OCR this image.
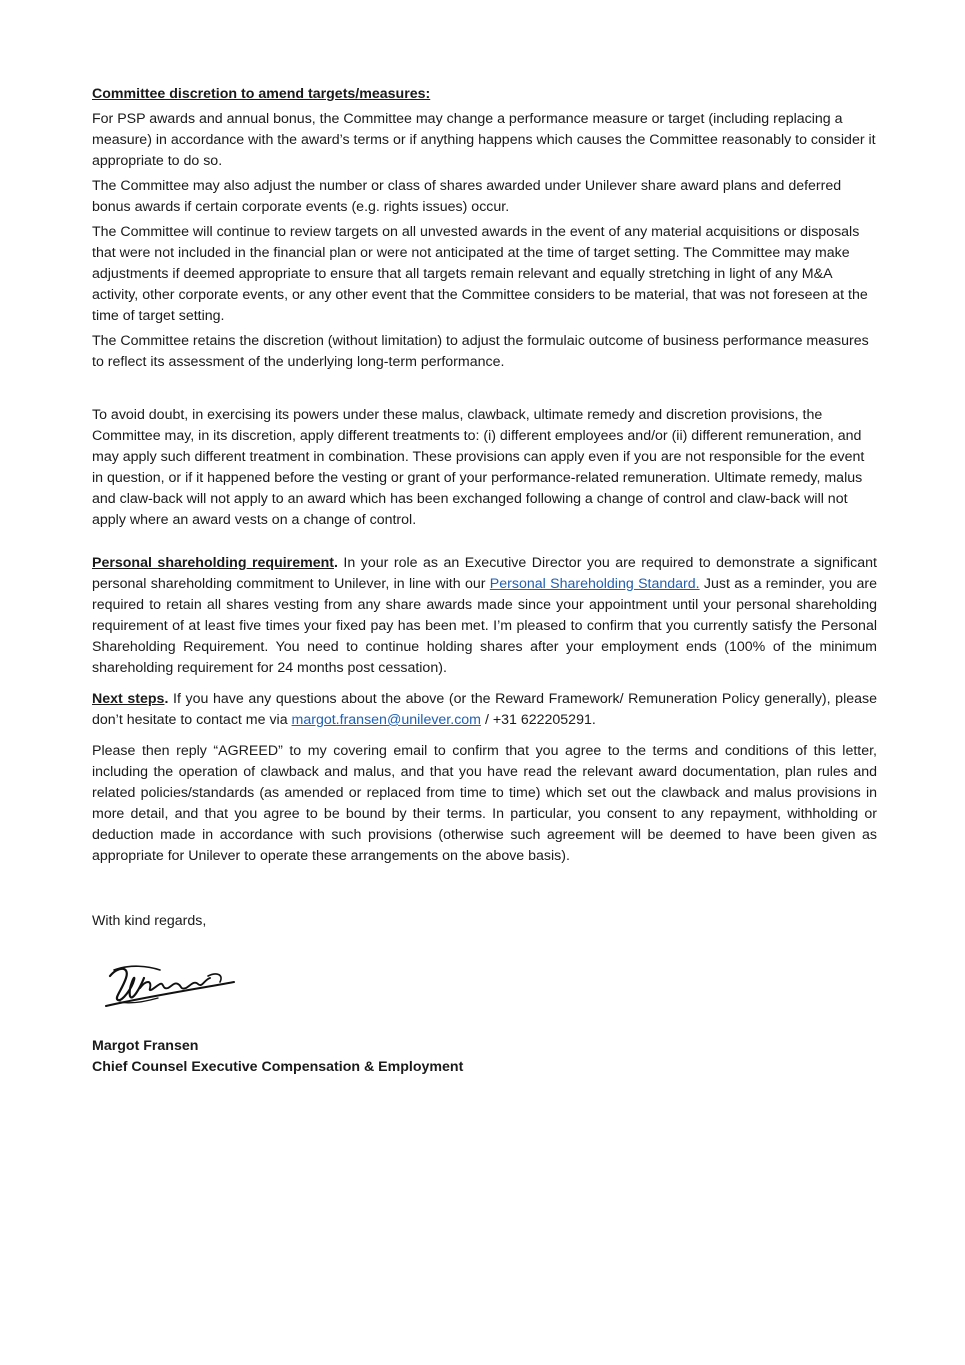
Committee discretion to amend targets/measures:

For PSP awards and annual bonus, the Committee may change a performance measure or target (including replacing a measure) in accordance with the award’s terms or if anything happens which causes the Committee reasonably to consider it appropriate to do so.

The Committee may also adjust the number or class of shares awarded under Unilever share award plans and deferred bonus awards if certain corporate events (e.g. rights issues) occur.

The Committee will continue to review targets on all unvested awards in the event of any material acquisitions or disposals that were not included in the financial plan or were not anticipated at the time of target setting. The Committee may make adjustments if deemed appropriate to ensure that all targets remain relevant and equally stretching in light of any M&A activity, other corporate events, or any other event that the Committee considers to be material, that was not foreseen at the time of target setting.

The Committee retains the discretion (without limitation) to adjust the formulaic outcome of business performance measures to reflect its assessment of the underlying long-term performance.

To avoid doubt, in exercising its powers under these malus, clawback, ultimate remedy and discretion provisions, the Committee may, in its discretion, apply different treatments to: (i) different employees and/or (ii) different remuneration, and may apply such different treatment in combination. These provisions can apply even if you are not responsible for the event in question, or if it happened before the vesting or grant of your performance-related remuneration. Ultimate remedy, malus and claw-back will not apply to an award which has been exchanged following a change of control and claw-back will not apply where an award vests on a change of control.

Personal shareholding requirement. In your role as an Executive Director you are required to demonstrate a significant personal shareholding commitment to Unilever, in line with our Personal Shareholding Standard. Just as a reminder, you are required to retain all shares vesting from any share awards made since your appointment until your personal shareholding requirement of at least five times your fixed pay has been met. I’m pleased to confirm that you currently satisfy the Personal Shareholding Requirement. You need to continue holding shares after your employment ends (100% of the minimum shareholding requirement for 24 months post cessation).

Next steps. If you have any questions about the above (or the Reward Framework/ Remuneration Policy generally), please don’t hesitate to contact me via margot.fransen@unilever.com / +31 622205291.

Please then reply “AGREED” to my covering email to confirm that you agree to the terms and conditions of this letter, including the operation of clawback and malus, and that you have read the relevant award documentation, plan rules and related policies/standards (as amended or replaced from time to time) which set out the clawback and malus provisions in more detail, and that you agree to be bound by their terms. In particular, you consent to any repayment, withholding or deduction made in accordance with such provisions (otherwise such agreement will be deemed to have been given as appropriate for Unilever to operate these arrangements on the above basis).

With kind regards,

Margot Fransen

Chief Counsel Executive Compensation & Employment
